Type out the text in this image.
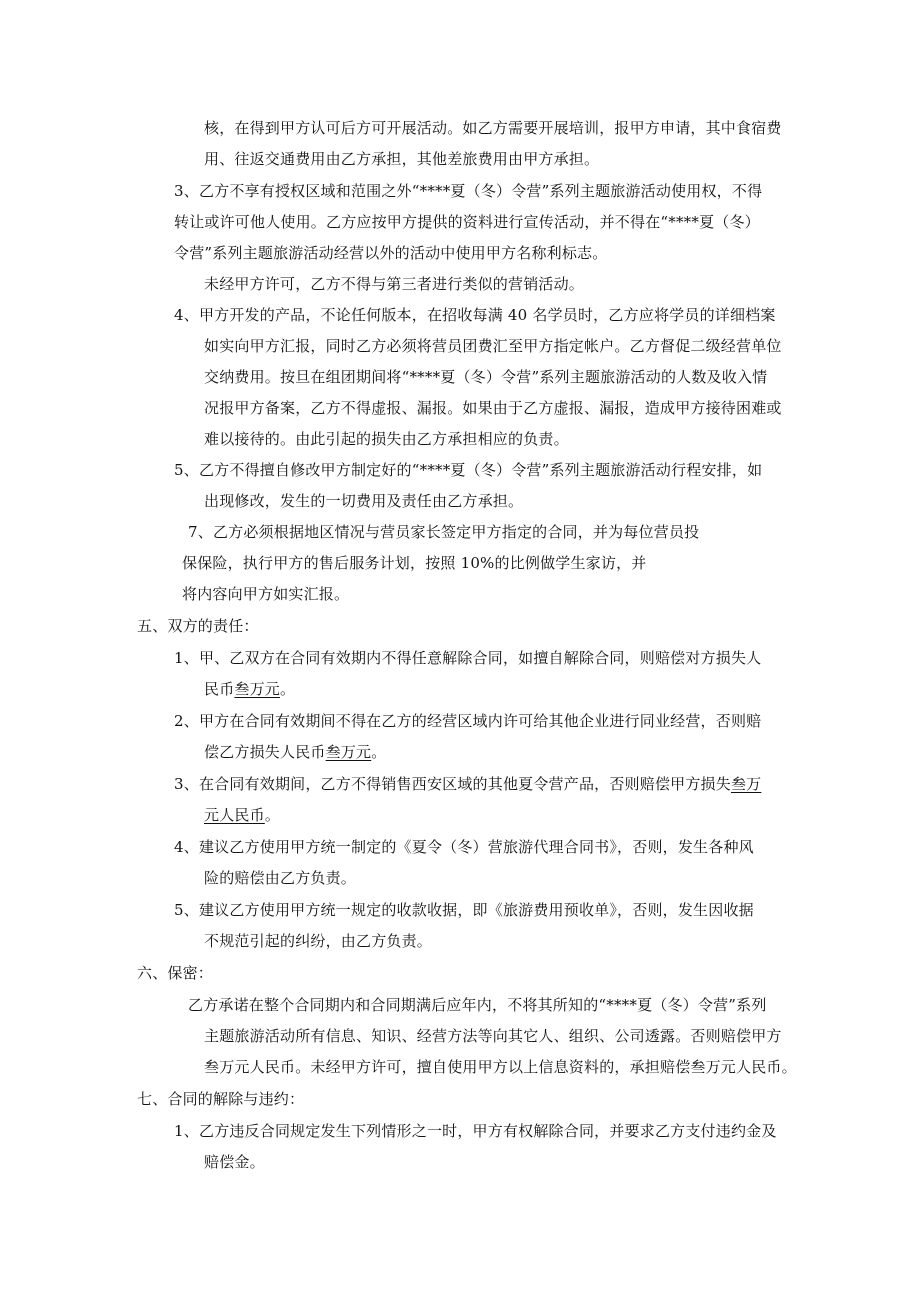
核，在得到甲方认可后方可开展活动。如乙方需要开展培训，报甲方申请，其中食宿费
用、往返交通费用由乙方承担，其他差旅费用由甲方承担。
3、乙方不享有授权区域和范围之外“****夏（冬）令营”系列主题旅游活动使用权，不得
转让或许可他人使用。乙方应按甲方提供的资料进行宣传活动，并不得在“****夏（冬）
令营”系列主题旅游活动经营以外的活动中使用甲方名称利标志。
未经甲方许可，乙方不得与第三者进行类似的营销活动。
4、甲方开发的产品，不论任何版本，在招收每满 40 名学员时，乙方应将学员的详细档案
如实向甲方汇报，同时乙方必须将营员团费汇至甲方指定帐户。乙方督促二级经营单位
交纳费用。按旦在组团期间将“****夏（冬）令营”系列主题旅游活动的人数及收入情
况报甲方备案，乙方不得虚报、漏报。如果由于乙方虚报、漏报，造成甲方接待困难或
难以接待的。由此引起的损失由乙方承担相应的负责。
5、乙方不得擅自修改甲方制定好的“****夏（冬）令营”系列主题旅游活动行程安排，如
出现修改，发生的一切费用及责任由乙方承担。
7、乙方必须根据地区情况与营员家长签定甲方指定的合同，并为每位营员投
保保险，执行甲方的售后服务计划，按照 10%的比例做学生家访，并
将内容向甲方如实汇报。
五、双方的责任：
1、甲、乙双方在合同有效期内不得任意解除合同，如擅自解除合同，则赔偿对方损失人
民币叁万元。
2、甲方在合同有效期间不得在乙方的经营区域内许可给其他企业进行同业经营，否则赔
偿乙方损失人民币叁万元。
3、在合同有效期间，乙方不得销售西安区域的其他夏令营产品，否则赔偿甲方损失叁万
元人民币。
4、建议乙方使用甲方统一制定的《夏令（冬）营旅游代理合同书》，否则，发生各种风
险的赔偿由乙方负责。
5、建议乙方使用甲方统一规定的收款收据，即《旅游费用预收单》，否则，发生因收据
不规范引起的纠纷，由乙方负责。
六、保密：
乙方承诺在整个合同期内和合同期满后应年内，不将其所知的“****夏（冬）令营”系列
主题旅游活动所有信息、知识、经营方法等向其它人、组织、公司透露。否则赔偿甲方
叁万元人民币。未经甲方许可，擅自使用甲方以上信息资料的，承担赔偿叁万元人民币。
七、合同的解除与违约：
1、乙方违反合同规定发生下列情形之一时，甲方有权解除合同，并要求乙方支付违约金及
赔偿金。
